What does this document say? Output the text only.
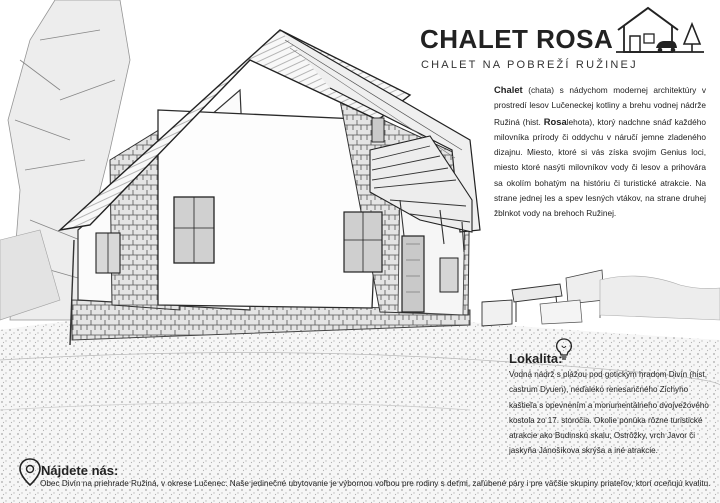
CHALET ROSA

CHALET NA POBREŽÍ RUŽINEJ

Chalet (chata) s nádychom modernej architektúry v prostredí lesov Lučeneckej kotliny a brehu vodnej nádrže Ružiná (hist. Rosalehota), ktorý nadchne snáď každého milovníka prírody či oddychu v náručí jemne zladeného dizajnu. Miesto, ktoré si vás získa svojim Genius loci, miesto ktoré nasýti milovníkov vody či lesov a prihovára sa okolím bohatým na históriu či turistické atrakcie. Na strane jednej les a spev lesných vtákov, na strane druhej žblnkot vody na brehoch Ružinej.

Lokalita:

Vodná nádrž s plážou pod gotickým hradom Divín (hist. castrum Dyuen), neďaleko renesančného Zichyho kaštieľa s opevnením a monumentálneho dvojvežového kostola zo 17. storočia. Okolie ponúka rôzne turistické atrakcie ako Budinskú skalu, Ostrôžky, vrch Javor či jaskyňa Jánošíkova skrýša a iné atrakcie.

Nájdete nás:

Obec Divín na priehrade Ružiná, v okrese Lučenec. Naše jedinečné ubytovanie je výbornou voľbou pre rodiny s deťmi, zaľúbené páry i pre väčšie skupiny priateľov, ktorí oceňujú kvalitu.
